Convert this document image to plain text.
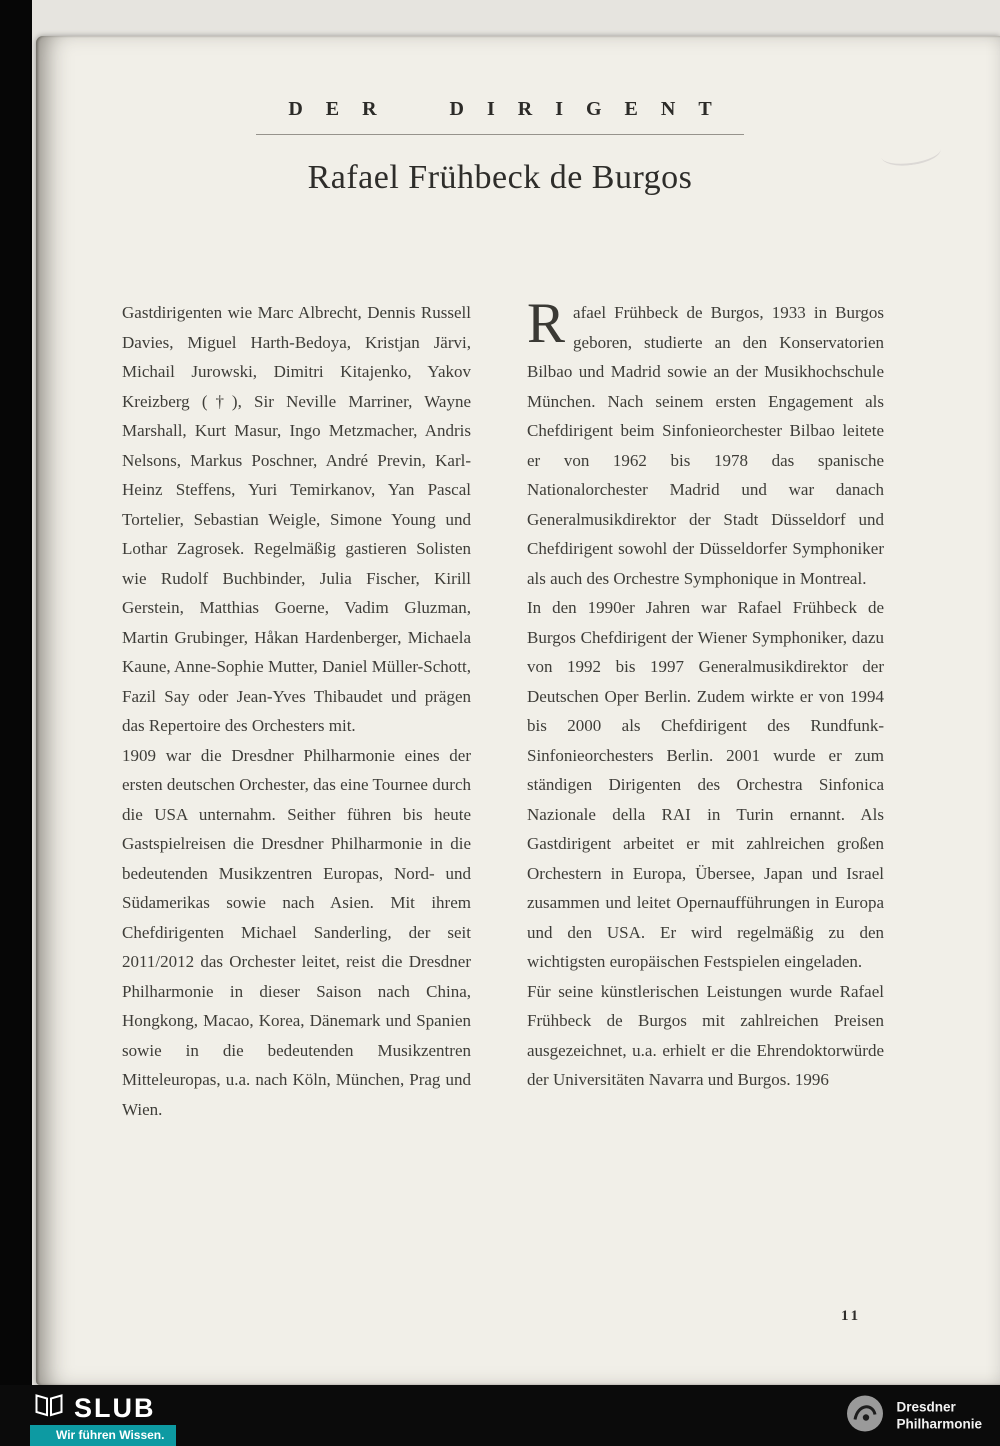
DER DIRIGENT
Rafael Frühbeck de Burgos

Gastdirigenten wie Marc Albrecht, Dennis Russell Davies, Miguel Harth-Bedoya, Kristjan Järvi, Michail Jurowski, Dimitri Kitajenko, Yakov Kreizberg (†), Sir Neville Marriner, Wayne Marshall, Kurt Masur, Ingo Metzmacher, Andris Nelsons, Markus Poschner, André Previn, Karl-Heinz Steffens, Yuri Temirkanov, Yan Pascal Tortelier, Sebastian Weigle, Simone Young und Lothar Zagrosek. Regelmäßig gastieren Solisten wie Rudolf Buchbinder, Julia Fischer, Kirill Gerstein, Matthias Goerne, Vadim Gluzman, Martin Grubinger, Håkan Hardenberger, Michaela Kaune, Anne-Sophie Mutter, Daniel Müller-Schott, Fazil Say oder Jean-Yves Thibaudet und prägen das Repertoire des Orchesters mit.

1909 war die Dresdner Philharmonie eines der ersten deutschen Orchester, das eine Tournee durch die USA unternahm. Seither führen bis heute Gastspielreisen die Dresdner Philharmonie in die bedeutenden Musikzentren Europas, Nord- und Südamerikas sowie nach Asien. Mit ihrem Chefdirigenten Michael Sanderling, der seit 2011/2012 das Orchester leitet, reist die Dresdner Philharmonie in dieser Saison nach China, Hongkong, Macao, Korea, Dänemark und Spanien sowie in die bedeutenden Musikzentren Mitteleuropas, u.a. nach Köln, München, Prag und Wien.

Rafael Frühbeck de Burgos, 1933 in Burgos geboren, studierte an den Konservatorien Bilbao und Madrid sowie an der Musikhochschule München. Nach seinem ersten Engagement als Chefdirigent beim Sinfonieorchester Bilbao leitete er von 1962 bis 1978 das spanische Nationalorchester Madrid und war danach Generalmusikdirektor der Stadt Düsseldorf und Chefdirigent sowohl der Düsseldorfer Symphoniker als auch des Orchestre Symphonique in Montreal.

In den 1990er Jahren war Rafael Frühbeck de Burgos Chefdirigent der Wiener Symphoniker, dazu von 1992 bis 1997 Generalmusikdirektor der Deutschen Oper Berlin. Zudem wirkte er von 1994 bis 2000 als Chefdirigent des Rundfunk-Sinfonieorchesters Berlin. 2001 wurde er zum ständigen Dirigenten des Orchestra Sinfonica Nazionale della RAI in Turin ernannt. Als Gastdirigent arbeitet er mit zahlreichen großen Orchestern in Europa, Übersee, Japan und Israel zusammen und leitet Opernaufführungen in Europa und den USA. Er wird regelmäßig zu den wichtigsten europäischen Festspielen eingeladen.

Für seine künstlerischen Leistungen wurde Rafael Frühbeck de Burgos mit zahlreichen Preisen ausgezeichnet, u.a. erhielt er die Ehrendoktorwürde der Universitäten Navarra und Burgos. 1996

11
SLUB
Wir führen Wissen.
Dresdner
Philharmonie
